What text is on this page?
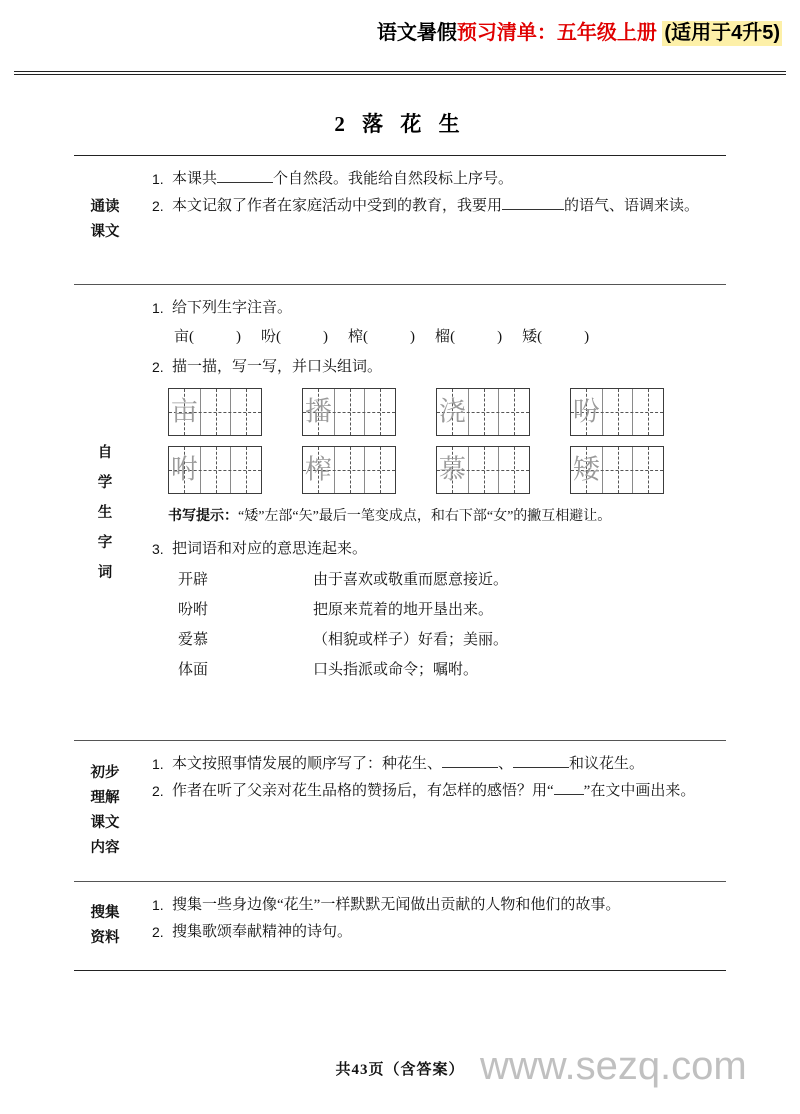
语文暑假预习清单：五年级上册 (适用于4升5)
2 落 花 生
通读
课文

1. 本课共	个自然段。我能给自然段标上序号。
2. 本文记叙了作者在家庭活动中受到的教育，我要用	的语气、语调来读。

自
学
生
字
词

1. 给下列生字注音。
亩(	) 吩(	) 榨(	) 榴(	) 矮(	)
2. 描一描，写一写，并口头组词。
亩	播	浇	吩
咐	榨	慕	矮
书写提示：“矮”左部“矢”最后一笔变成点，和右下部“女”的撇互相避让。
3. 把词语和对应的意思连起来。
开辟	由于喜欢或敬重而愿意接近。
吩咐	把原来荒着的地开垦出来。
爱慕	（相貌或样子）好看；美丽。
体面	口头指派或命令；嘱咐。

初步
理解
课文
内容

1. 本文按照事情发展的顺序写了：种花生、	、	和议花生。
2. 作者在听了父亲对花生品格的赞扬后，有怎样的感悟？用“ ”在文中画出来。

搜集
资料

1. 搜集一些身边像“花生”一样默默无闻做出贡献的人物和他们的故事。
2. 搜集歌颂奉献精神的诗句。

共43页（含答案） www.sezq.com
